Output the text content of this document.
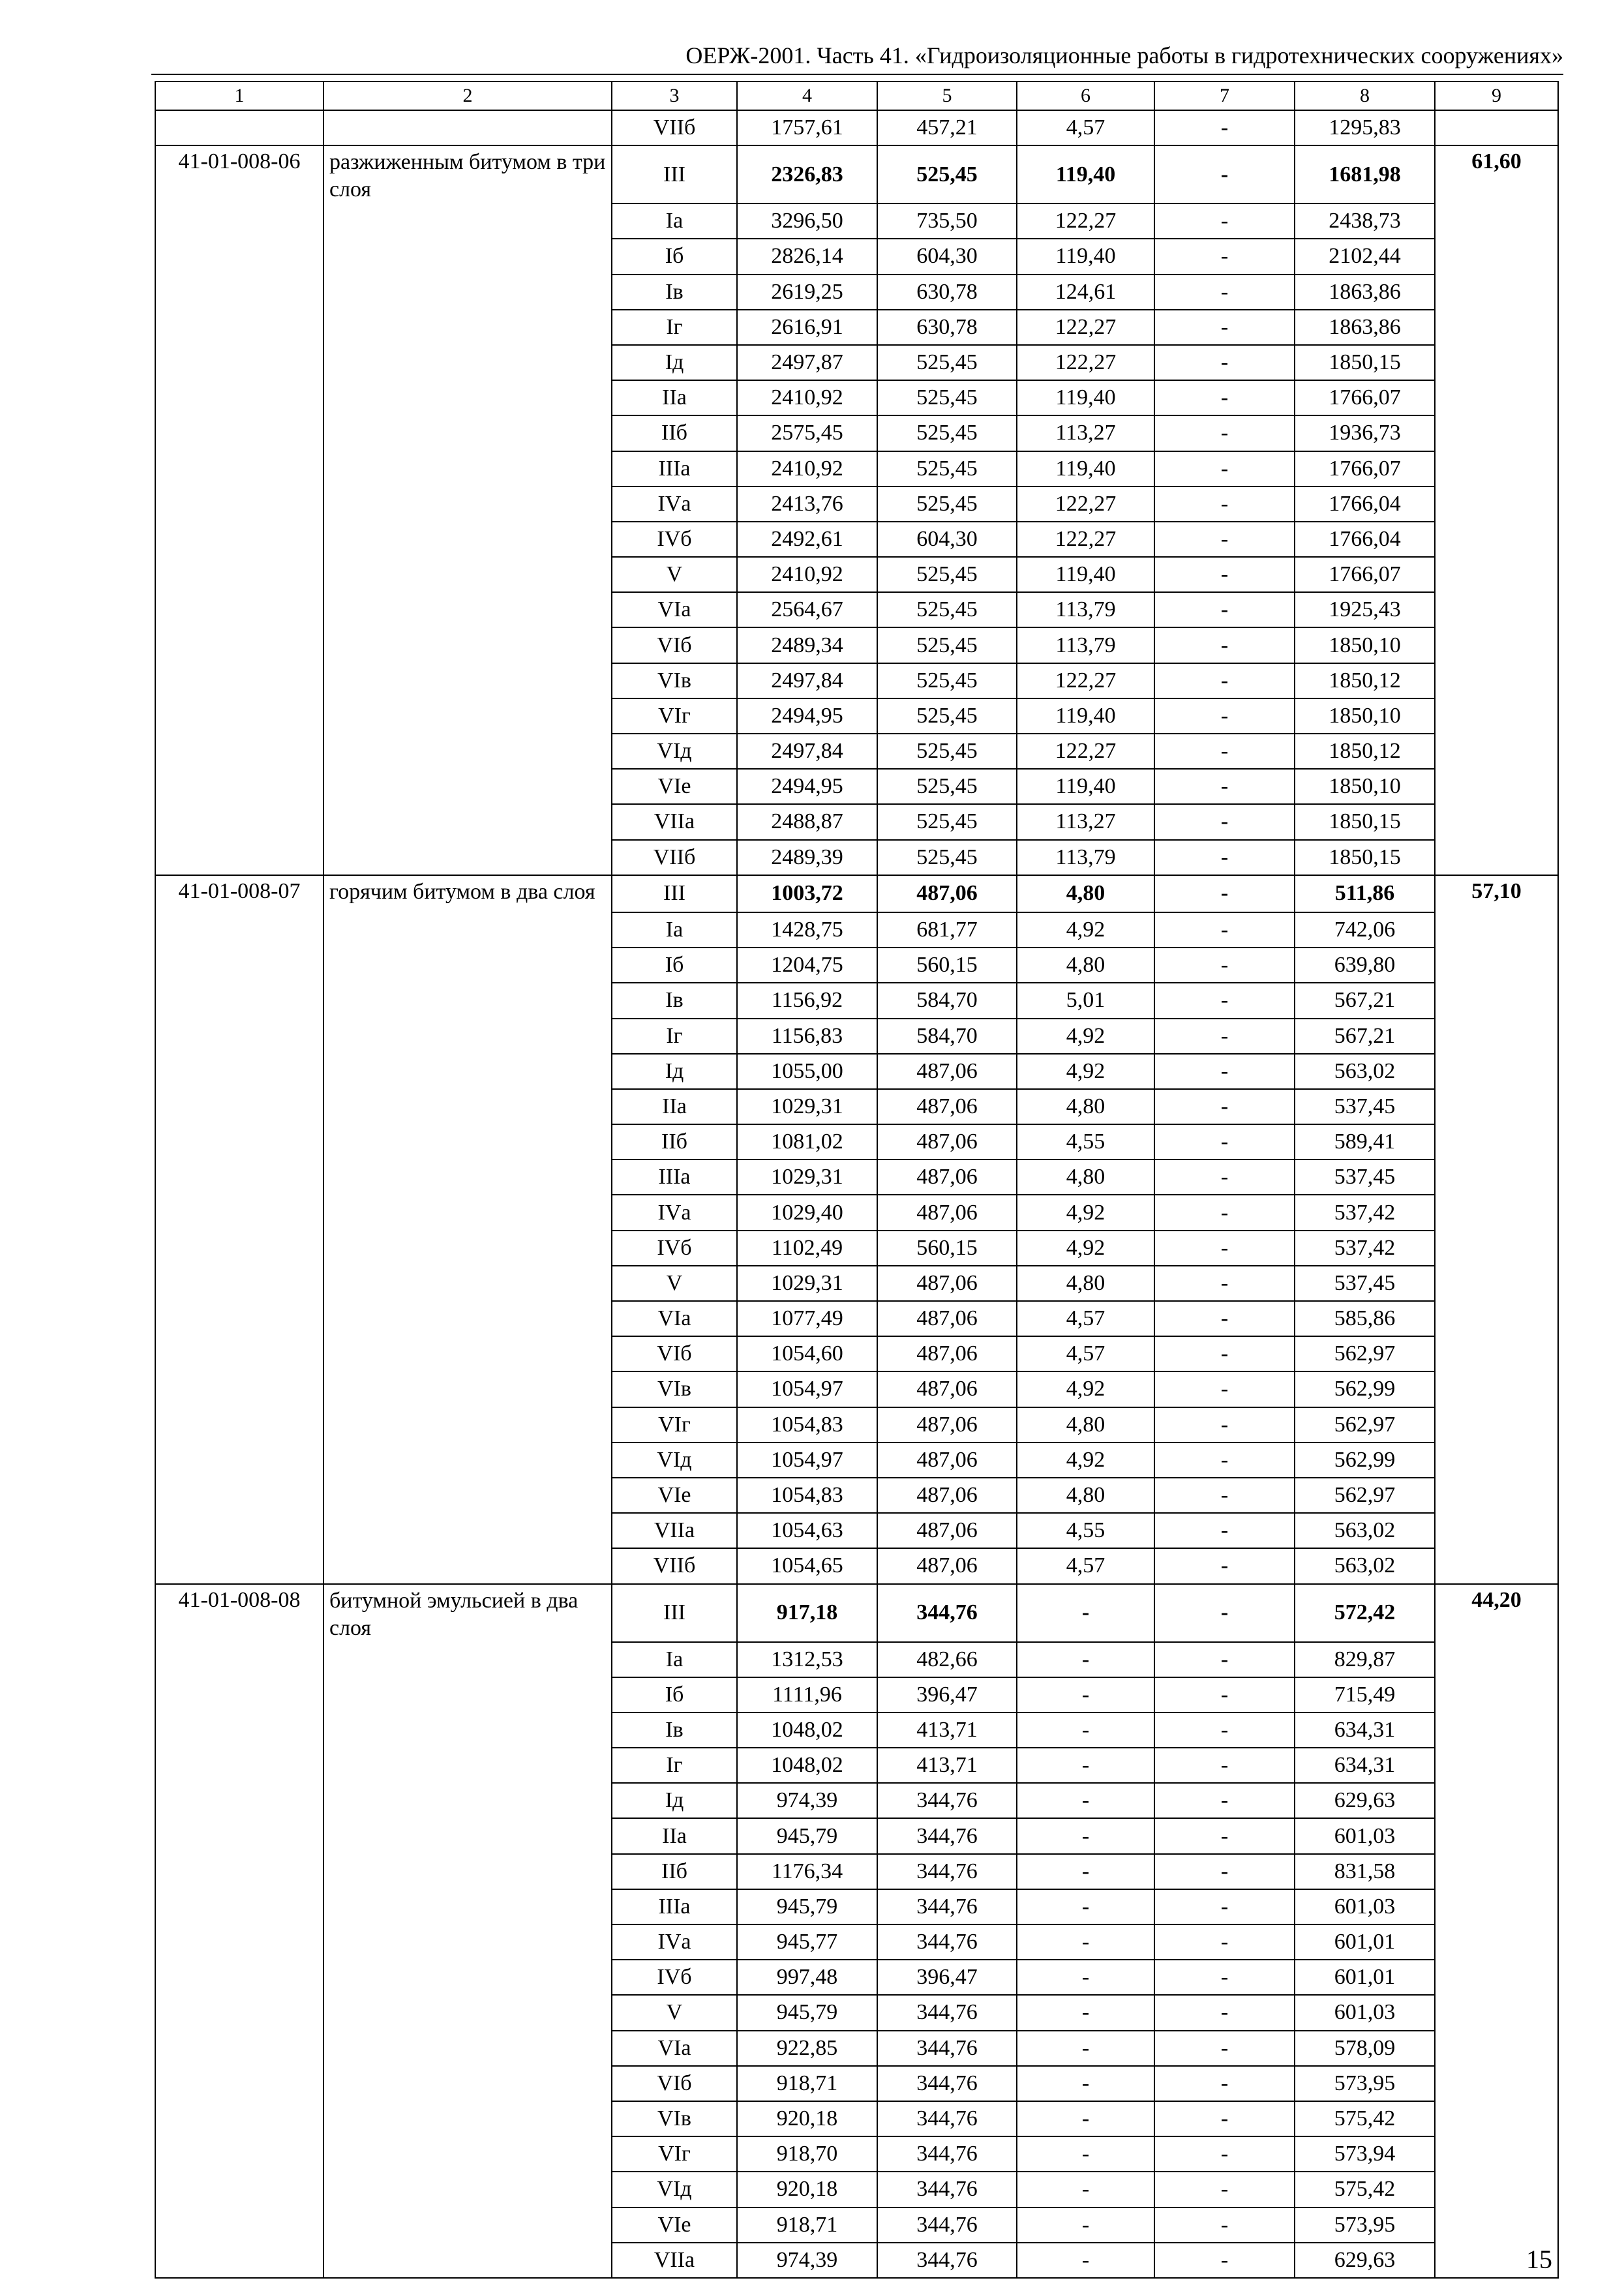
ОЕРЖ-2001. Часть 41. «Гидроизоляционные работы в гидротехнических сооружениях»
1	2	3	4	5	6	7	8	9
		VIIб	1757,61	457,21	4,57	-	1295,83	
41-01-008-06	разжиженным битумом в три слоя	III	2326,83	525,45	119,40	-	1681,98	61,60
		Iа	3296,50	735,50	122,27	-	2438,73	
		Iб	2826,14	604,30	119,40	-	2102,44	
		Iв	2619,25	630,78	124,61	-	1863,86	
		Iг	2616,91	630,78	122,27	-	1863,86	
		Iд	2497,87	525,45	122,27	-	1850,15	
		IIа	2410,92	525,45	119,40	-	1766,07	
		IIб	2575,45	525,45	113,27	-	1936,73	
		IIIа	2410,92	525,45	119,40	-	1766,07	
		IVа	2413,76	525,45	122,27	-	1766,04	
		IVб	2492,61	604,30	122,27	-	1766,04	
		V	2410,92	525,45	119,40	-	1766,07	
		VIа	2564,67	525,45	113,79	-	1925,43	
		VIб	2489,34	525,45	113,79	-	1850,10	
		VIв	2497,84	525,45	122,27	-	1850,12	
		VIг	2494,95	525,45	119,40	-	1850,10	
		VIд	2497,84	525,45	122,27	-	1850,12	
		VIе	2494,95	525,45	119,40	-	1850,10	
		VIIа	2488,87	525,45	113,27	-	1850,15	
		VIIб	2489,39	525,45	113,79	-	1850,15	
41-01-008-07	горячим битумом в два слоя	III	1003,72	487,06	4,80	-	511,86	57,10
		Iа	1428,75	681,77	4,92	-	742,06	
		Iб	1204,75	560,15	4,80	-	639,80	
		Iв	1156,92	584,70	5,01	-	567,21	
		Iг	1156,83	584,70	4,92	-	567,21	
		Iд	1055,00	487,06	4,92	-	563,02	
		IIа	1029,31	487,06	4,80	-	537,45	
		IIб	1081,02	487,06	4,55	-	589,41	
		IIIа	1029,31	487,06	4,80	-	537,45	
		IVа	1029,40	487,06	4,92	-	537,42	
		IVб	1102,49	560,15	4,92	-	537,42	
		V	1029,31	487,06	4,80	-	537,45	
		VIа	1077,49	487,06	4,57	-	585,86	
		VIб	1054,60	487,06	4,57	-	562,97	
		VIв	1054,97	487,06	4,92	-	562,99	
		VIг	1054,83	487,06	4,80	-	562,97	
		VIд	1054,97	487,06	4,92	-	562,99	
		VIе	1054,83	487,06	4,80	-	562,97	
		VIIа	1054,63	487,06	4,55	-	563,02	
		VIIб	1054,65	487,06	4,57	-	563,02	
41-01-008-08	битумной эмульсией в два слоя	III	917,18	344,76	-	-	572,42	44,20
		Iа	1312,53	482,66	-	-	829,87	
		Iб	1111,96	396,47	-	-	715,49	
		Iв	1048,02	413,71	-	-	634,31	
		Iг	1048,02	413,71	-	-	634,31	
		Iд	974,39	344,76	-	-	629,63	
		IIа	945,79	344,76	-	-	601,03	
		IIб	1176,34	344,76	-	-	831,58	
		IIIа	945,79	344,76	-	-	601,03	
		IVа	945,77	344,76	-	-	601,01	
		IVб	997,48	396,47	-	-	601,01	
		V	945,79	344,76	-	-	601,03	
		VIа	922,85	344,76	-	-	578,09	
		VIб	918,71	344,76	-	-	573,95	
		VIв	920,18	344,76	-	-	575,42	
		VIг	918,70	344,76	-	-	573,94	
		VIд	920,18	344,76	-	-	575,42	
		VIе	918,71	344,76	-	-	573,95	
		VIIа	974,39	344,76	-	-	629,63		15
